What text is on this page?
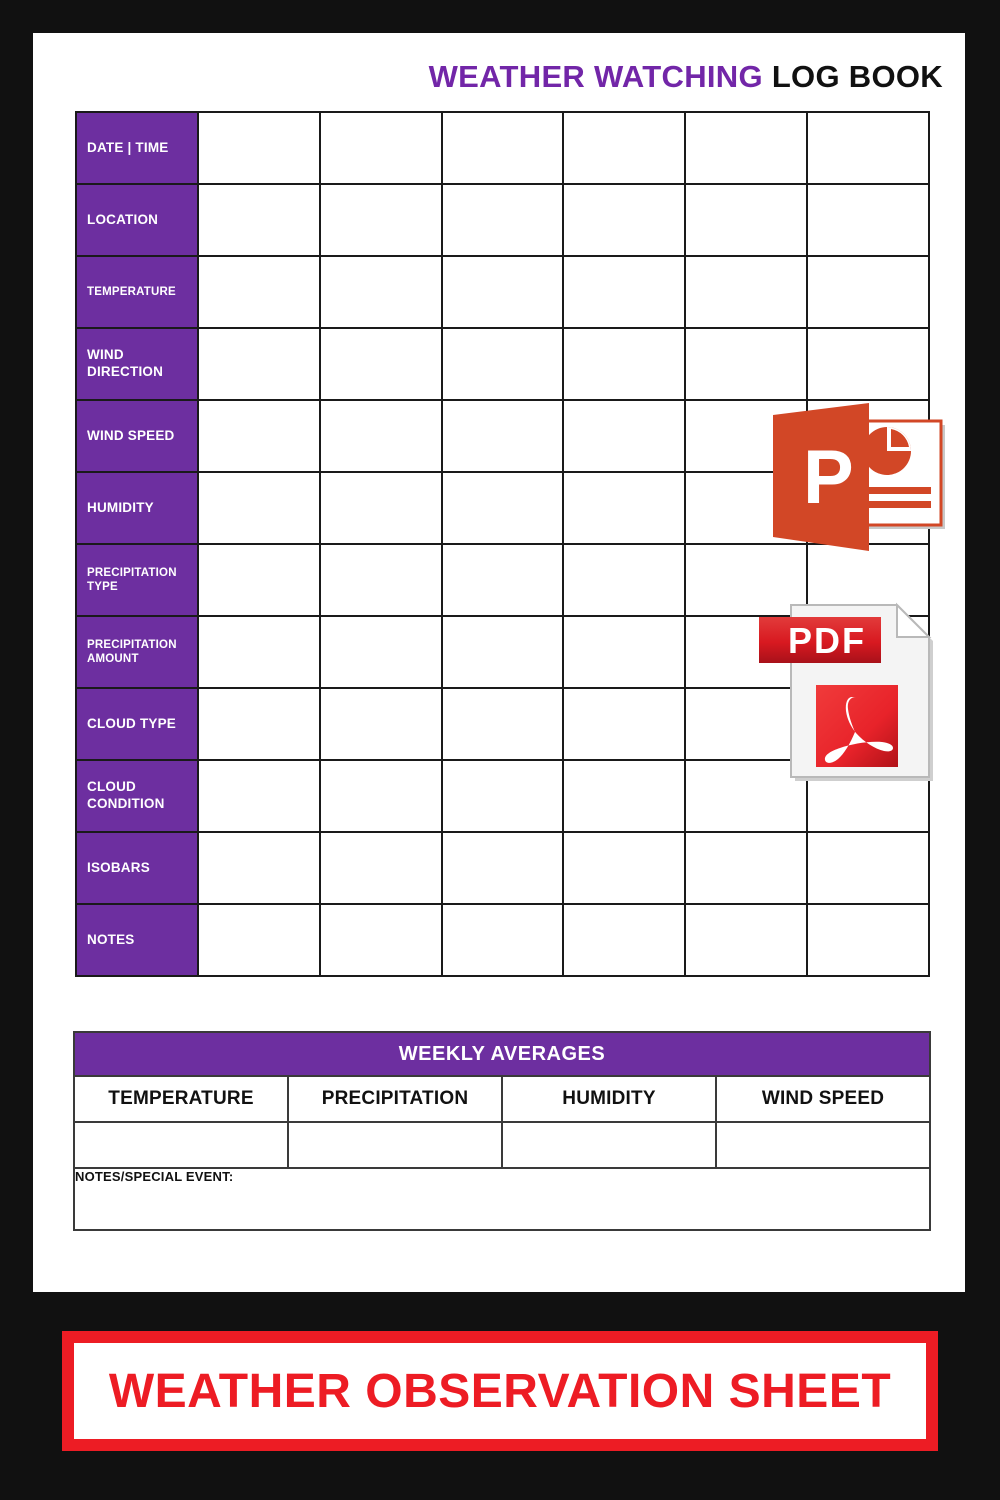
WEATHER WATCHING LOG BOOK
DATE | TIME						
LOCATION						
TEMPERATURE						
WIND DIRECTION						
WIND SPEED						
HUMIDITY						
PRECIPITATION TYPE						
PRECIPITATION AMOUNT						
CLOUD TYPE						
CLOUD CONDITION						
ISOBARS						
NOTES						
WEEKLY AVERAGES			
TEMPERATURE	PRECIPITATION	HUMIDITY	WIND SPEED

NOTES/SPECIAL EVENT:			
P
PDF
WEATHER OBSERVATION SHEET
